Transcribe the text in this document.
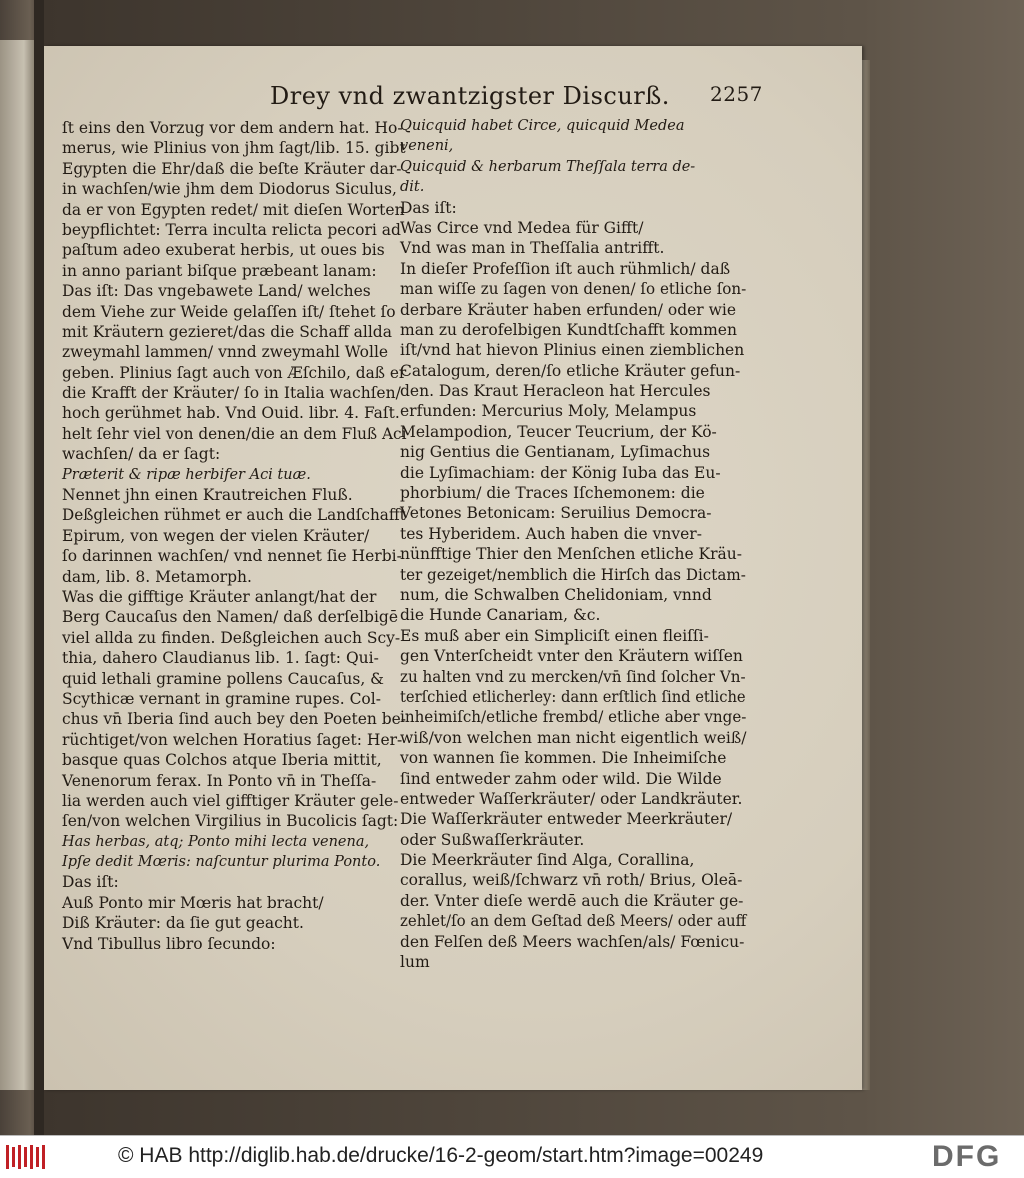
Drey vnd zwantzigster Discurß. 2257
ſt eins den Vorzug vor dem andern hat. Ho-
merus, wie Plinius von jhm ſagt/lib. 15. gibt
Egypten die Ehr/daß die beſte Kräuter dar-
in wachſen/wie jhm dem Diodorus Siculus,
da er von Egypten redet/ mit dieſen Worten
beypflichtet: Terra inculta relicta pecori ad
paſtum adeo exuberat herbis, ut oues bis
in anno pariant biſque præbeant lanam:
Das iſt: Das vngebawete Land/ welches
dem Viehe zur Weide gelaſſen iſt/ ſtehet ſo
mit Kräutern gezieret/das die Schaff allda
zweymahl lammen/ vnnd zweymahl Wolle
geben. Plinius ſagt auch von Æſchilo, daß er
die Krafft der Kräuter/ ſo in Italia wachſen/
hoch gerühmet hab. Vnd Ouid. libr. 4. Faſt.
helt ſehr viel von denen/die an dem Fluß Aci
wachſen/ da er ſagt:
Præterit & ripæ herbifer Aci tuæ.
Nennet jhn einen Krautreichen Fluß.
Deßgleichen rühmet er auch die Landſchafft
Epirum, von wegen der vielen Kräuter/
ſo darinnen wachſen/ vnd nennet ſie Herbi-
dam, lib. 8. Metamorph.
Was die gifftige Kräuter anlangt/hat der
Berg Caucaſus den Namen/ daß derſelbigē
viel allda zu finden. Deßgleichen auch Scy-
thia, dahero Claudianus lib. 1. ſagt: Qui-
quid lethali gramine pollens Caucaſus, &
Scythicæ vernant in gramine rupes. Col-
chus vn̄ Iberia ſind auch bey den Poeten be-
rüchtiget/von welchen Horatius ſaget: Her-
basque quas Colchos atque Iberia mittit,
Venenorum ferax. In Ponto vn̄ in Theſſa-
lia werden auch viel gifftiger Kräuter gele-
ſen/von welchen Virgilius in Bucolicis ſagt:
Has herbas, atq; Ponto mihi lecta venena,
Ipſe dedit Mœris: naſcuntur plurima Ponto.
Das iſt:
Auß Ponto mir Mœris hat bracht/
Diß Kräuter: da ſie gut geacht.
Vnd Tibullus libro ſecundo:
Quicquid habet Circe, quicquid Medea
veneni,
Quicquid & herbarum Theſſala terra de-
dit.
Das iſt:
Was Circe vnd Medea für Gifft/
Vnd was man in Theſſalia antrifft.
In dieſer Profeſſion iſt auch rühmlich/ daß
man wiſſe zu ſagen von denen/ ſo etliche ſon-
derbare Kräuter haben erfunden/ oder wie
man zu derofelbigen Kundtſchafft kommen
iſt/vnd hat hievon Plinius einen ziemblichen
Catalogum, deren/ſo etliche Kräuter gefun-
den. Das Kraut Heracleon hat Hercules
erfunden: Mercurius Moly, Melampus
Melampodion, Teucer Teucrium, der Kö-
nig Gentius die Gentianam, Lyſimachus
die Lyſimachiam: der König Iuba das Eu-
phorbium/ die Traces Iſchemonem: die
Vetones Betonicam: Seruilius Democra-
tes Hyberidem. Auch haben die vnver-
nünfftige Thier den Menſchen etliche Kräu-
ter gezeiget/nemblich die Hirſch das Dictam-
num, die Schwalben Chelidoniam, vnnd
die Hunde Canariam, &c.
Es muß aber ein Simpliciſt einen fleiſſi-
gen Vnterſcheidt vnter den Kräutern wiſſen
zu halten vnd zu mercken/vn̄ ſind ſolcher Vn-
terſchied etlicherley: dann erſtlich ſind etliche
inheimiſch/etliche frembd/ etliche aber vnge-
wiß/von welchen man nicht eigentlich weiß/
von wannen ſie kommen. Die Inheimiſche
ſind entweder zahm oder wild. Die Wilde
entweder Waſſerkräuter/ oder Landkräuter.
Die Waſſerkräuter entweder Meerkräuter/
oder Sußwaſſerkräuter.
Die Meerkräuter ſind Alga, Corallina,
corallus, weiß/ſchwarz vn̄ roth/ Brius, Oleā-
der. Vnter dieſe werdē auch die Kräuter ge-
zehlet/ſo an dem Geſtad deß Meers/ oder auff
den Felſen deß Meers wachſen/als/ Fœnicu-
lum
© HAB http://diglib.hab.de/drucke/16-2-geom/start.htm?image=00249	DFG
